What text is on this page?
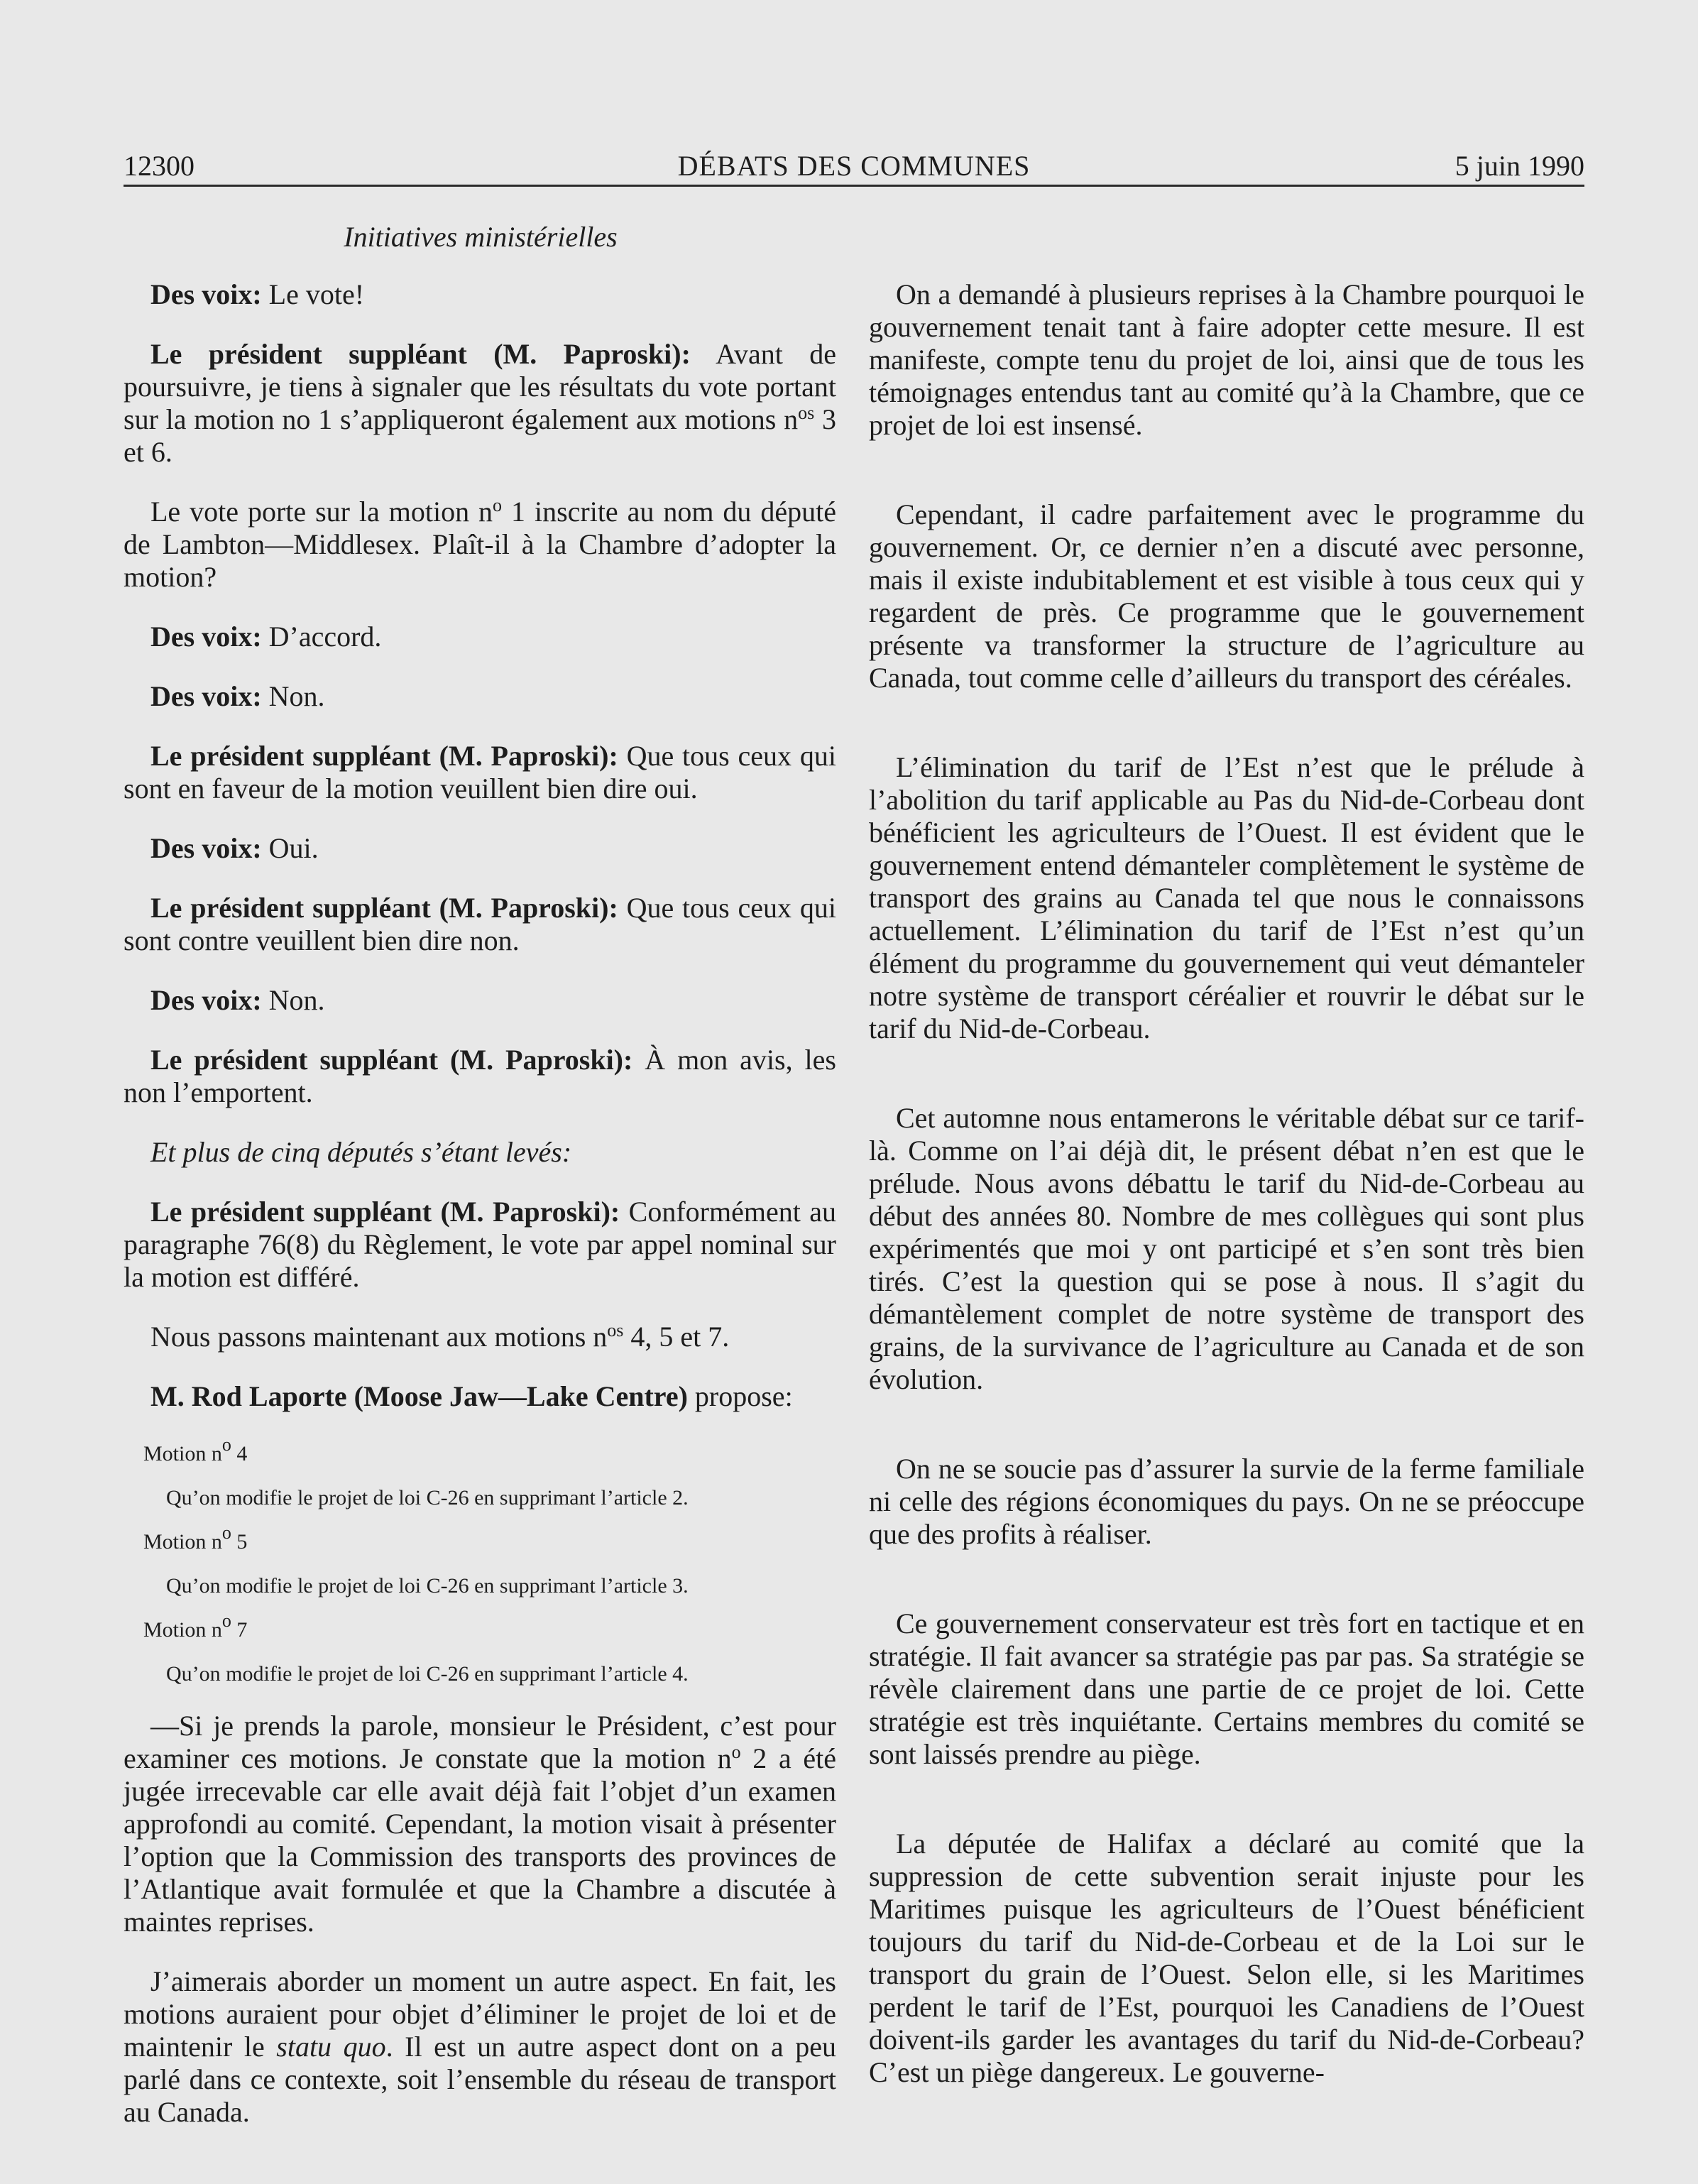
12300	DÉBATS DES COMMUNES	5 juin 1990
Initiatives ministérielles

Des voix: Le vote!

Le président suppléant (M. Paproski): Avant de poursuivre, je tiens à signaler que les résultats du vote portant sur la motion no 1 s’appliqueront également aux motions $n^{os}$ 3 et 6.

Le vote porte sur la motion $n^o$ 1 inscrite au nom du député de Lambton—Middlesex. Plaît-il à la Chambre d’adopter la motion?

Des voix: D’accord.

Des voix: Non.

Le président suppléant (M. Paproski): Que tous ceux qui sont en faveur de la motion veuillent bien dire oui.

Des voix: Oui.

Le président suppléant (M. Paproski): Que tous ceux qui sont contre veuillent bien dire non.

Des voix: Non.

Le président suppléant (M. Paproski): À mon avis, les non l’emportent.

Et plus de cinq députés s’étant levés:

Le président suppléant (M. Paproski): Conformément au paragraphe 76(8) du Règlement, le vote par appel nominal sur la motion est différé.

Nous passons maintenant aux motions $n^{os}$ 4, 5 et 7.

M. Rod Laporte (Moose Jaw—Lake Centre) propose:

Motion $n^o$ 4
Qu’on modifie le projet de loi C-26 en supprimant l’article 2.
Motion $n^o$ 5
Qu’on modifie le projet de loi C-26 en supprimant l’article 3.
Motion $n^o$ 7
Qu’on modifie le projet de loi C-26 en supprimant l’article 4.

—Si je prends la parole, monsieur le Président, c’est pour examiner ces motions. Je constate que la motion $n^o$ 2 a été jugée irrecevable car elle avait déjà fait l’objet d’un examen approfondi au comité. Cependant, la motion visait à présenter l’option que la Commission des transports des provinces de l’Atlantique avait formulée et que la Chambre a discutée à maintes reprises.

J’aimerais aborder un moment un autre aspect. En fait, les motions auraient pour objet d’éliminer le projet de loi et de maintenir le statu quo. Il est un autre aspect dont on a peu parlé dans ce contexte, soit l’ensemble du réseau de transport au Canada.

On a demandé à plusieurs reprises à la Chambre pourquoi le gouvernement tenait tant à faire adopter cette mesure. Il est manifeste, compte tenu du projet de loi, ainsi que de tous les témoignages entendus tant au comité qu’à la Chambre, que ce projet de loi est insensé.

Cependant, il cadre parfaitement avec le programme du gouvernement. Or, ce dernier n’en a discuté avec personne, mais il existe indubitablement et est visible à tous ceux qui y regardent de près. Ce programme que le gouvernement présente va transformer la structure de l’agriculture au Canada, tout comme celle d’ailleurs du transport des céréales.

L’élimination du tarif de l’Est n’est que le prélude à l’abolition du tarif applicable au Pas du Nid-de-Corbeau dont bénéficient les agriculteurs de l’Ouest. Il est évident que le gouvernement entend démanteler complètement le système de transport des grains au Canada tel que nous le connaissons actuellement. L’élimination du tarif de l’Est n’est qu’un élément du programme du gouvernement qui veut démanteler notre système de transport céréalier et rouvrir le débat sur le tarif du Nid-de-Corbeau.

Cet automne nous entamerons le véritable débat sur ce tarif-là. Comme on l’ai déjà dit, le présent débat n’en est que le prélude. Nous avons débattu le tarif du Nid-de-Corbeau au début des années 80. Nombre de mes collègues qui sont plus expérimentés que moi y ont participé et s’en sont très bien tirés. C’est la question qui se pose à nous. Il s’agit du démantèlement complet de notre système de transport des grains, de la survivance de l’agriculture au Canada et de son évolution.

On ne se soucie pas d’assurer la survie de la ferme familiale ni celle des régions économiques du pays. On ne se préoccupe que des profits à réaliser.

Ce gouvernement conservateur est très fort en tactique et en stratégie. Il fait avancer sa stratégie pas par pas. Sa stratégie se révèle clairement dans une partie de ce projet de loi. Cette stratégie est très inquiétante. Certains membres du comité se sont laissés prendre au piège.

La députée de Halifax a déclaré au comité que la suppression de cette subvention serait injuste pour les Maritimes puisque les agriculteurs de l’Ouest bénéficient toujours du tarif du Nid-de-Corbeau et de la Loi sur le transport du grain de l’Ouest. Selon elle, si les Maritimes perdent le tarif de l’Est, pourquoi les Canadiens de l’Ouest doivent-ils garder les avantages du tarif du Nid-de-Corbeau? C’est un piège dangereux. Le gouverne-
